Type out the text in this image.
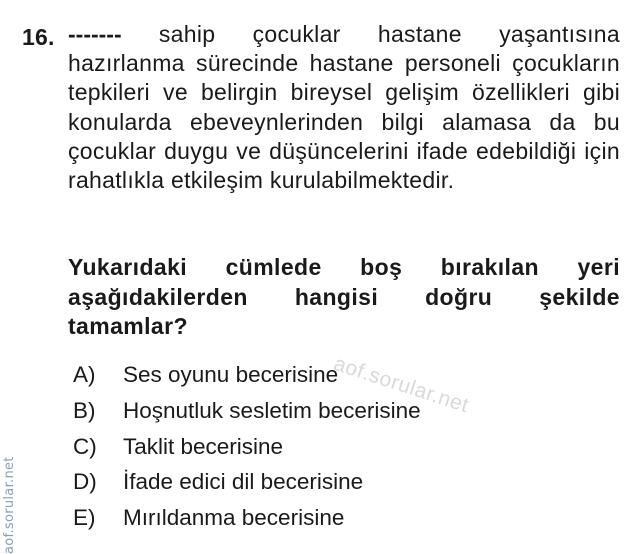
16. ------- sahip çocuklar hastane yaşantısına hazırlanma sürecinde hastane personeli çocukların tepkileri ve belirgin bireysel gelişim özellikleri gibi konularda ebeveynlerinden bilgi alamasa da bu çocuklar duygu ve düşüncelerini ifade edebildiği için rahatlıkla etkileşim kurulabilmektedir.
Yukarıdaki cümlede boş bırakılan yeri aşağıdakilerden hangisi doğru şekilde tamamlar?
aof.sorular.net
A)	Ses oyunu becerisine
B)	Hoşnutluk sesletim becerisine
C)	Taklit becerisine
D)	İfade edici dil becerisine
E)	Mırıldanma becerisine
aof.sorular.net
